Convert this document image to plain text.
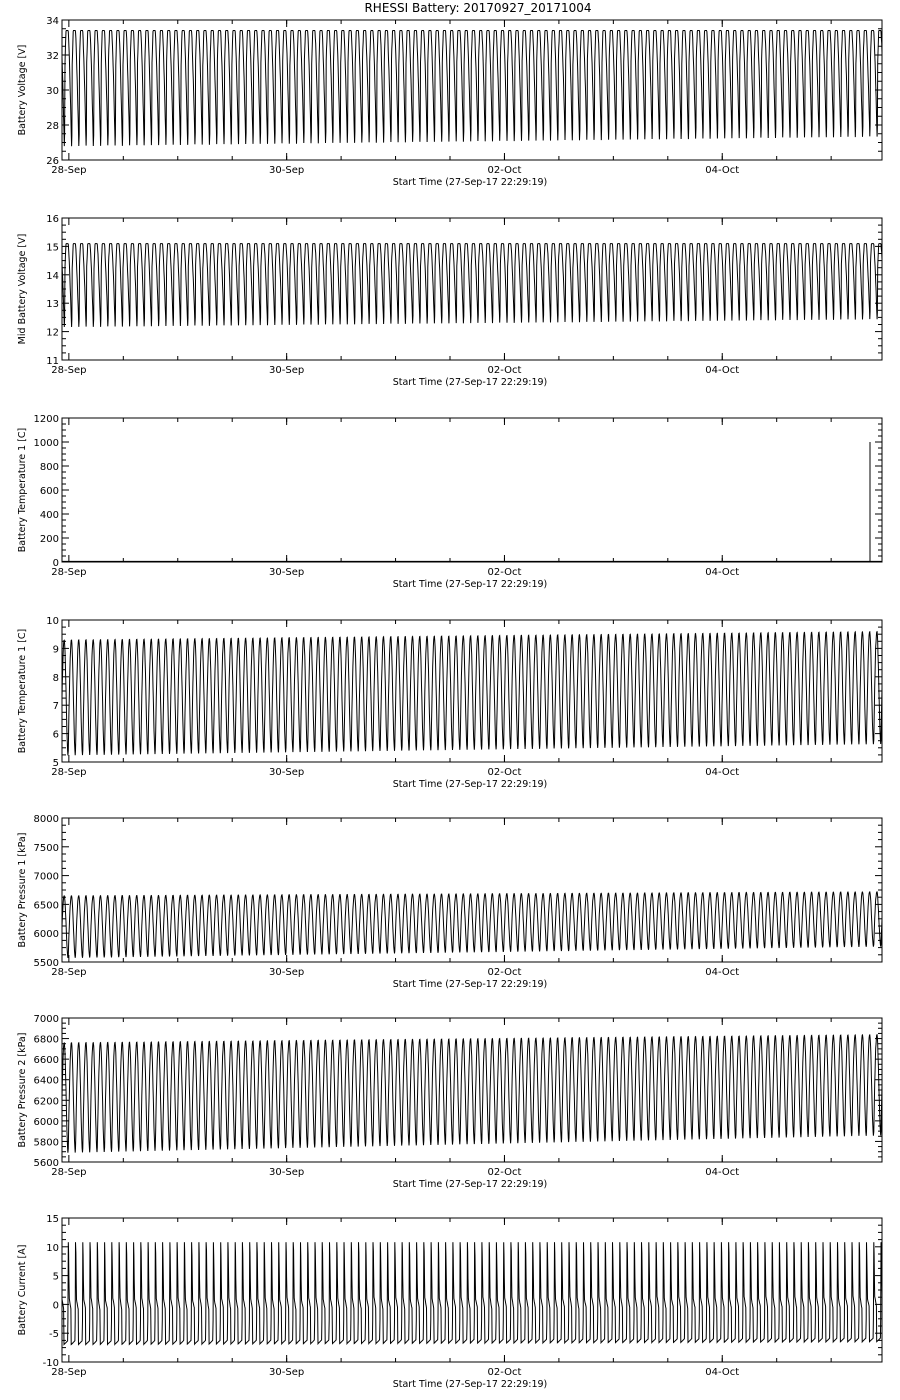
RHESSI Battery: 20170927_20171004
26
28
30
32
34
28-Sep	30-Sep	02-Oct	04-Oct
Start Time (27-Sep-17 22:29:19)
Battery Voltage [V]
11
12
13
14
15
16
28-Sep	30-Sep	02-Oct	04-Oct
Start Time (27-Sep-17 22:29:19)
Mid Battery Voltage [V]
0
200
400
600
800
1000
1200
28-Sep	30-Sep	02-Oct	04-Oct
Start Time (27-Sep-17 22:29:19)
Battery Temperature 1 [C]
5
6
7
8
9
10
28-Sep	30-Sep	02-Oct	04-Oct
Start Time (27-Sep-17 22:29:19)
Battery Temperature 1 [C]
5500
6000
6500
7000
7500
8000
28-Sep	30-Sep	02-Oct	04-Oct
Start Time (27-Sep-17 22:29:19)
Battery Pressure 1 [kPa]
5600
5800
6000
6200
6400
6600
6800
7000
28-Sep	30-Sep	02-Oct	04-Oct
Start Time (27-Sep-17 22:29:19)
Battery Pressure 2 [kPa]
-10
-5
0
5
10
15
28-Sep	30-Sep	02-Oct	04-Oct
Start Time (27-Sep-17 22:29:19)
Battery Current [A]
